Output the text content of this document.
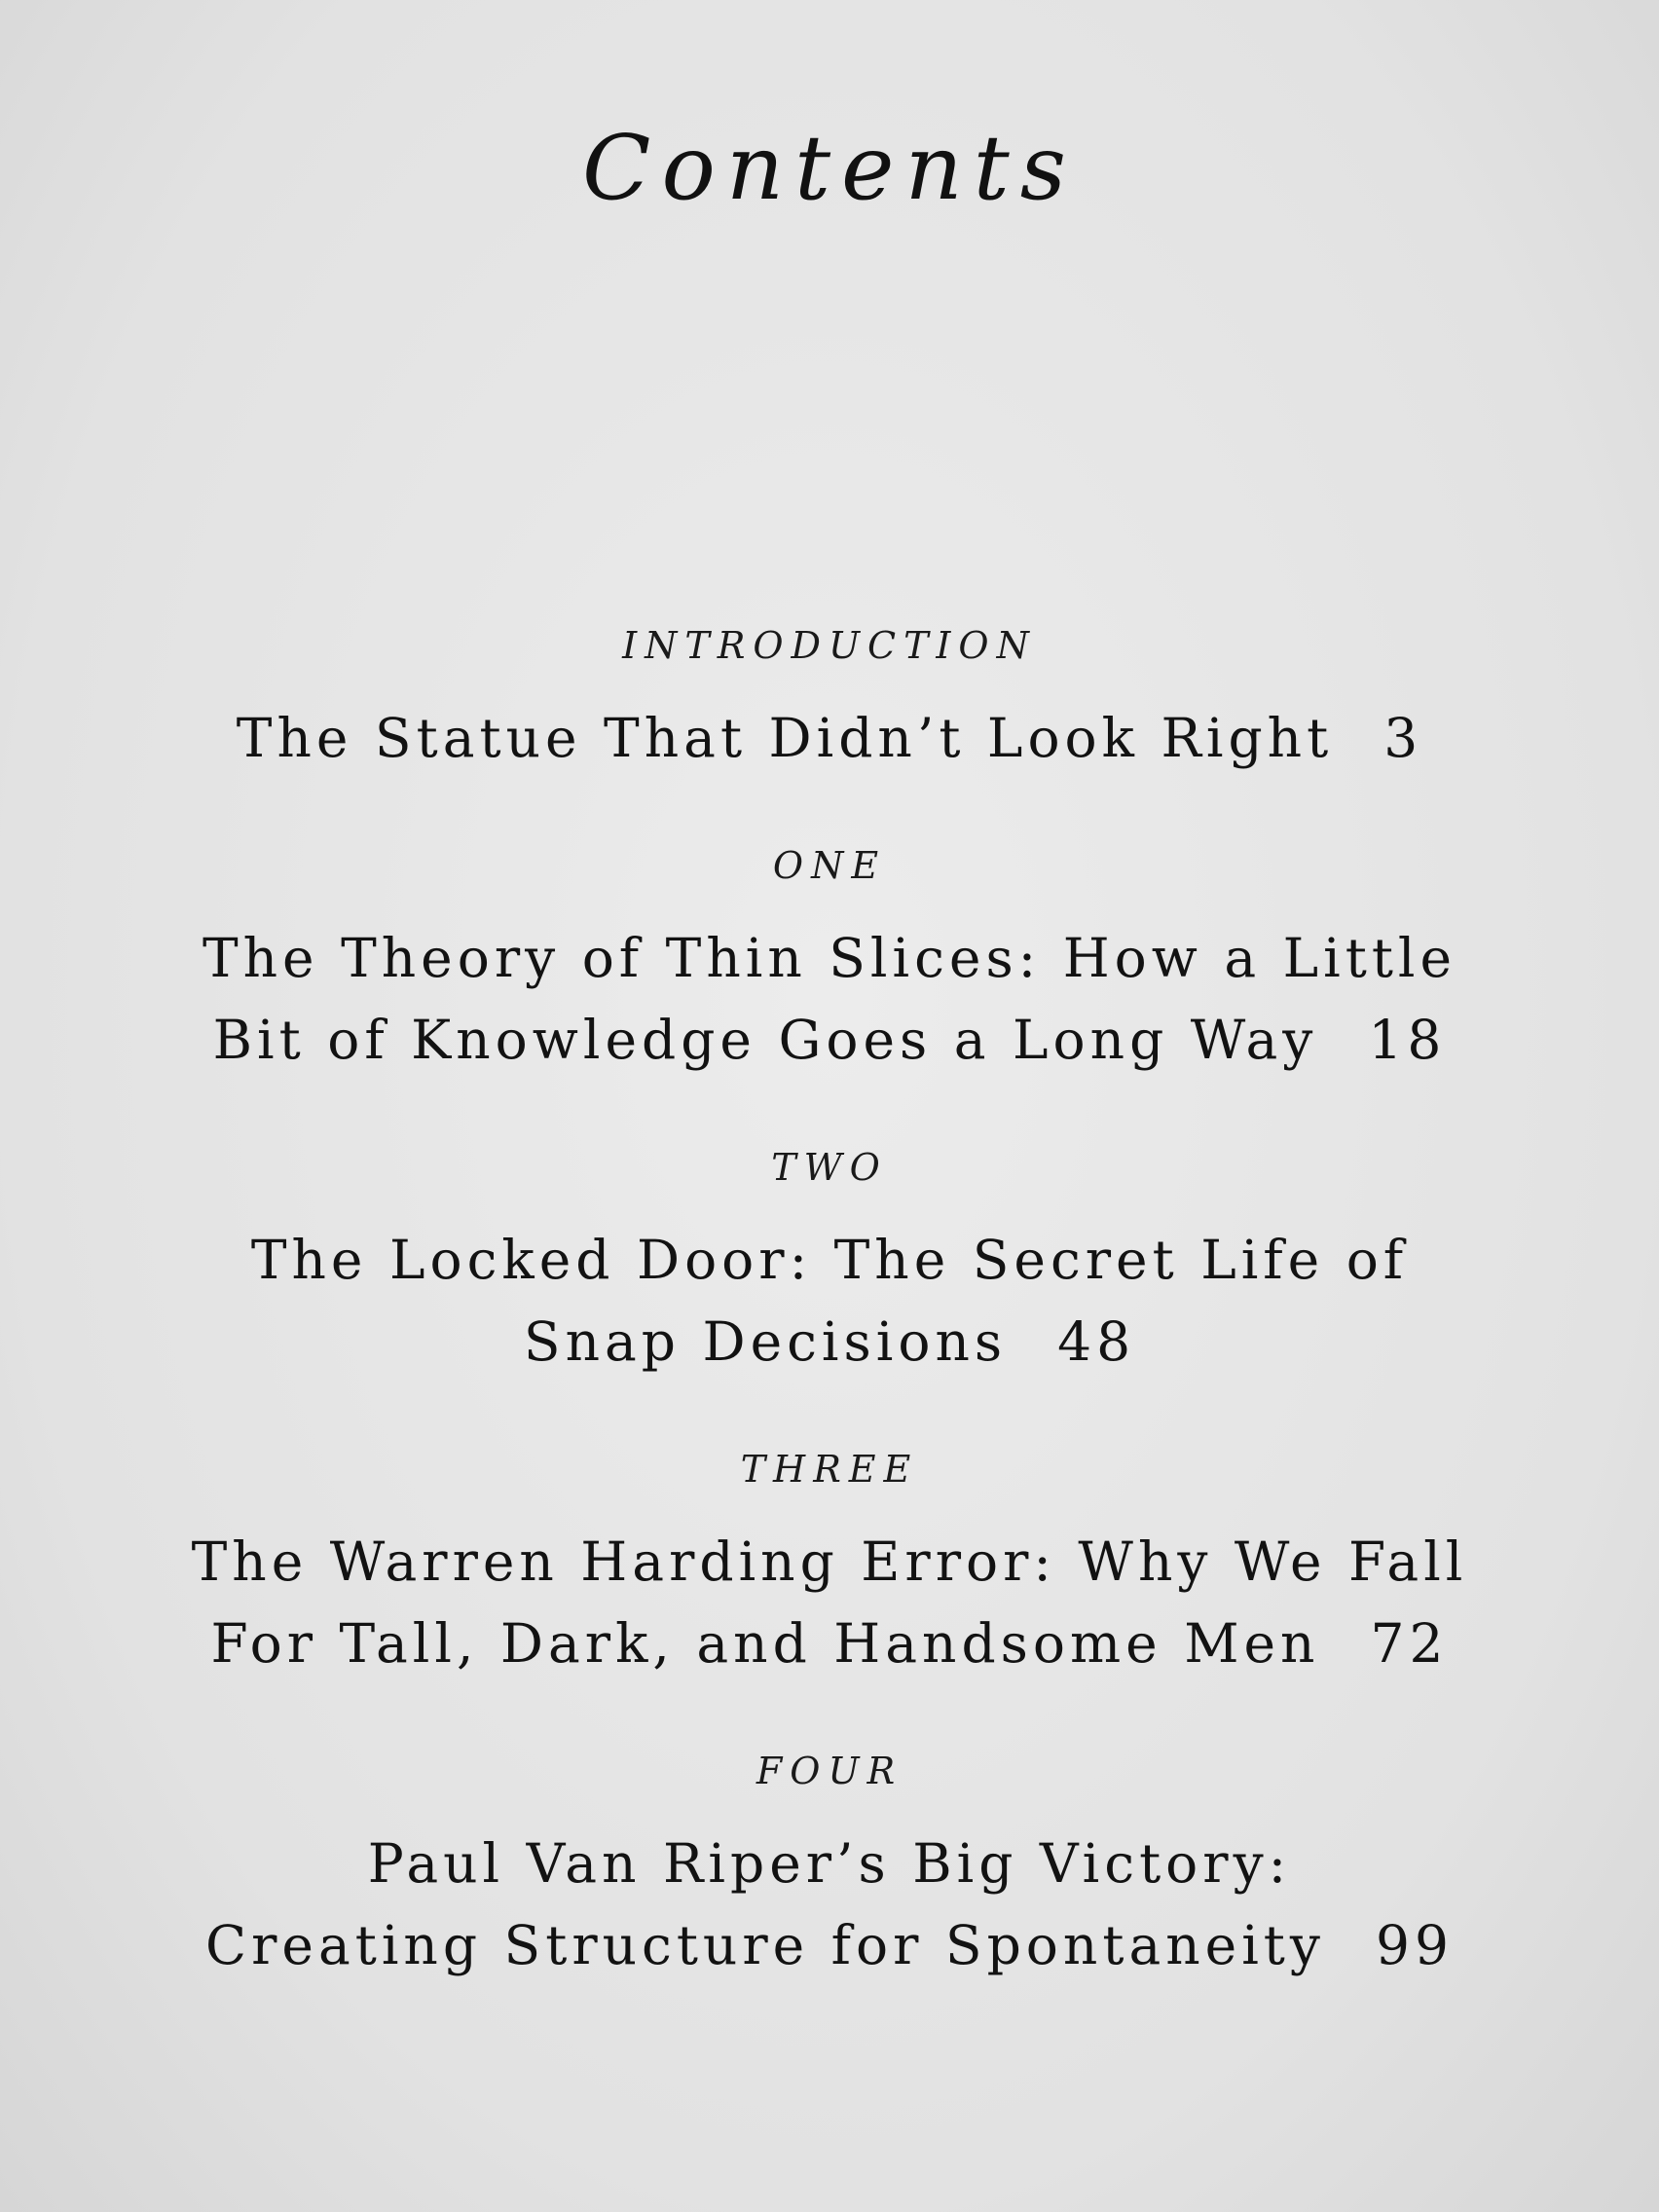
Contents
INTRODUCTION
The Statue That Didn’t Look Right 3
ONE
The Theory of Thin Slices: How a Little
Bit of Knowledge Goes a Long Way 18
TWO
The Locked Door: The Secret Life of
Snap Decisions 48
THREE
The Warren Harding Error: Why We Fall
For Tall, Dark, and Handsome Men 72
FOUR
Paul Van Riper’s Big Victory:
Creating Structure for Spontaneity 99
